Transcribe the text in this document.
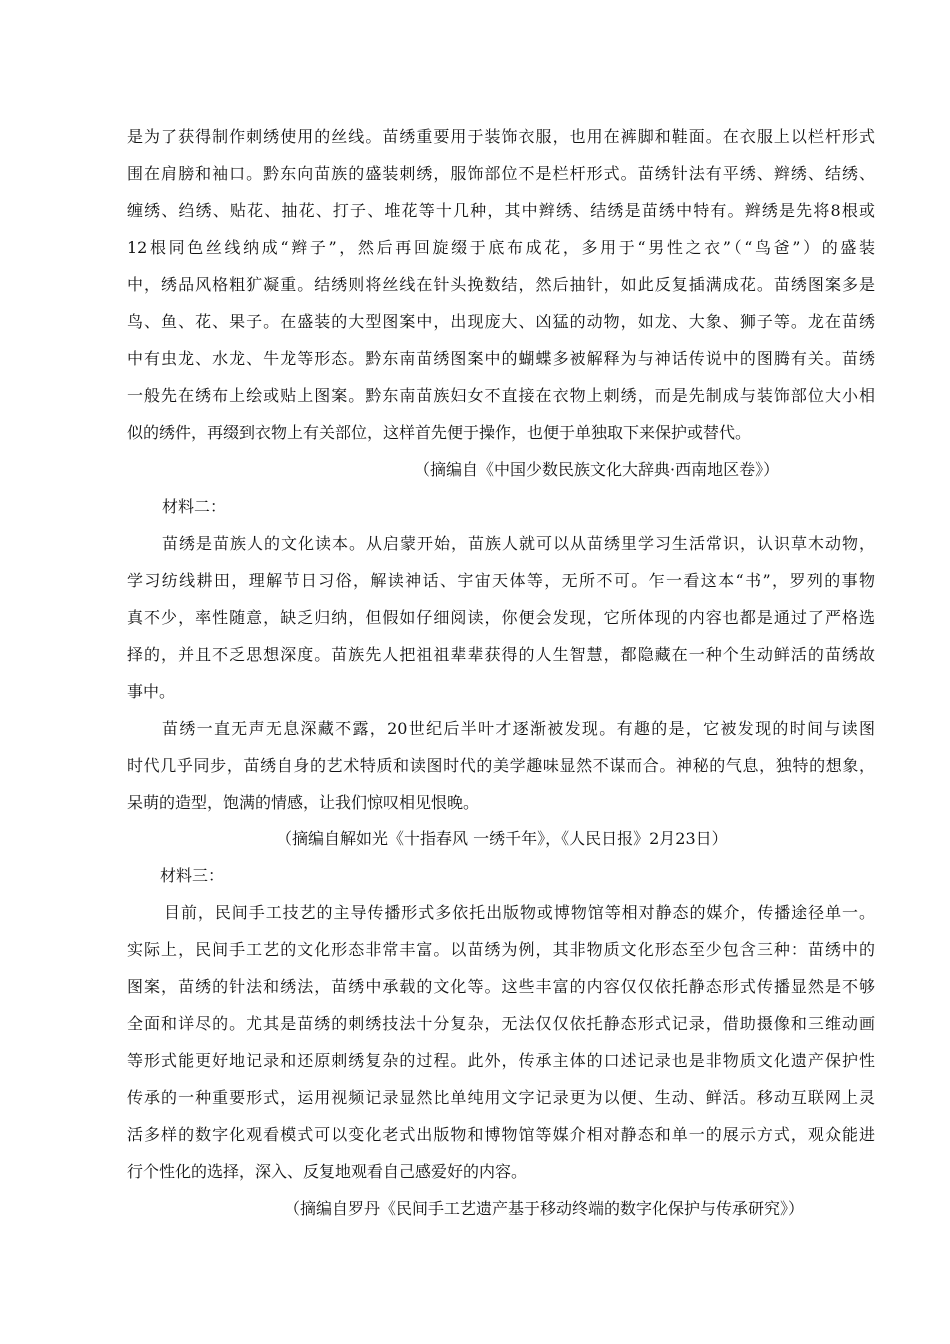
是为了获得制作刺绣使用的丝线。苗绣重要用于装饰衣服，也用在裤脚和鞋面。在衣服上以栏杆形式
围在肩膀和袖口。黔东向苗族的盛装刺绣，服饰部位不是栏杆形式。苗绣针法有平绣、辫绣、结绣、
缠绣、绉绣、贴花、抽花、打子、堆花等十几种，其中辫绣、结绣是苗绣中特有。辫绣是先将8根或
12根同色丝线纳成“辫子”，然后再回旋缀于底布成花，多用于“男性之衣”（“鸟爸”）的盛装
中，绣品风格粗犷凝重。结绣则将丝线在针头挽数结，然后抽针，如此反复插满成花。苗绣图案多是
鸟、鱼、花、果子。在盛装的大型图案中，出现庞大、凶猛的动物，如龙、大象、狮子等。龙在苗绣
中有虫龙、水龙、牛龙等形态。黔东南苗绣图案中的蝴蝶多被解释为与神话传说中的图腾有关。苗绣
一般先在绣布上绘或贴上图案。黔东南苗族妇女不直接在衣物上刺绣，而是先制成与装饰部位大小相
似的绣件，再缀到衣物上有关部位，这样首先便于操作，也便于单独取下来保护或替代。
（摘编自《中国少数民族文化大辞典·西南地区卷》）
材料二：
苗绣是苗族人的文化读本。从启蒙开始，苗族人就可以从苗绣里学习生活常识，认识草木动物，
学习纺线耕田，理解节日习俗，解读神话、宇宙天体等，无所不可。乍一看这本“书”，罗列的事物
真不少，率性随意，缺乏归纳，但假如仔细阅读，你便会发现，它所体现的内容也都是通过了严格选
择的，并且不乏思想深度。苗族先人把祖祖辈辈获得的人生智慧，都隐藏在一种个生动鲜活的苗绣故
事中。
苗绣一直无声无息深藏不露，20世纪后半叶才逐渐被发现。有趣的是，它被发现的时间与读图
时代几乎同步，苗绣自身的艺术特质和读图时代的美学趣味显然不谋而合。神秘的气息，独特的想象，
呆萌的造型，饱满的情感，让我们惊叹相见恨晚。
（摘编自解如光《十指春风 一绣千年》，《人民日报》2月23日）
材料三：
目前，民间手工技艺的主导传播形式多依托出版物或博物馆等相对静态的媒介，传播途径单一。
实际上，民间手工艺的文化形态非常丰富。以苗绣为例，其非物质文化形态至少包含三种：苗绣中的
图案，苗绣的针法和绣法，苗绣中承载的文化等。这些丰富的内容仅仅依托静态形式传播显然是不够
全面和详尽的。尤其是苗绣的刺绣技法十分复杂，无法仅仅依托静态形式记录，借助摄像和三维动画
等形式能更好地记录和还原刺绣复杂的过程。此外，传承主体的口述记录也是非物质文化遗产保护性
传承的一种重要形式，运用视频记录显然比单纯用文字记录更为以便、生动、鲜活。移动互联网上灵
活多样的数字化观看模式可以变化老式出版物和博物馆等媒介相对静态和单一的展示方式，观众能进
行个性化的选择，深入、反复地观看自己感爱好的内容。
（摘编自罗丹《民间手工艺遗产基于移动终端的数字化保护与传承研究》）
